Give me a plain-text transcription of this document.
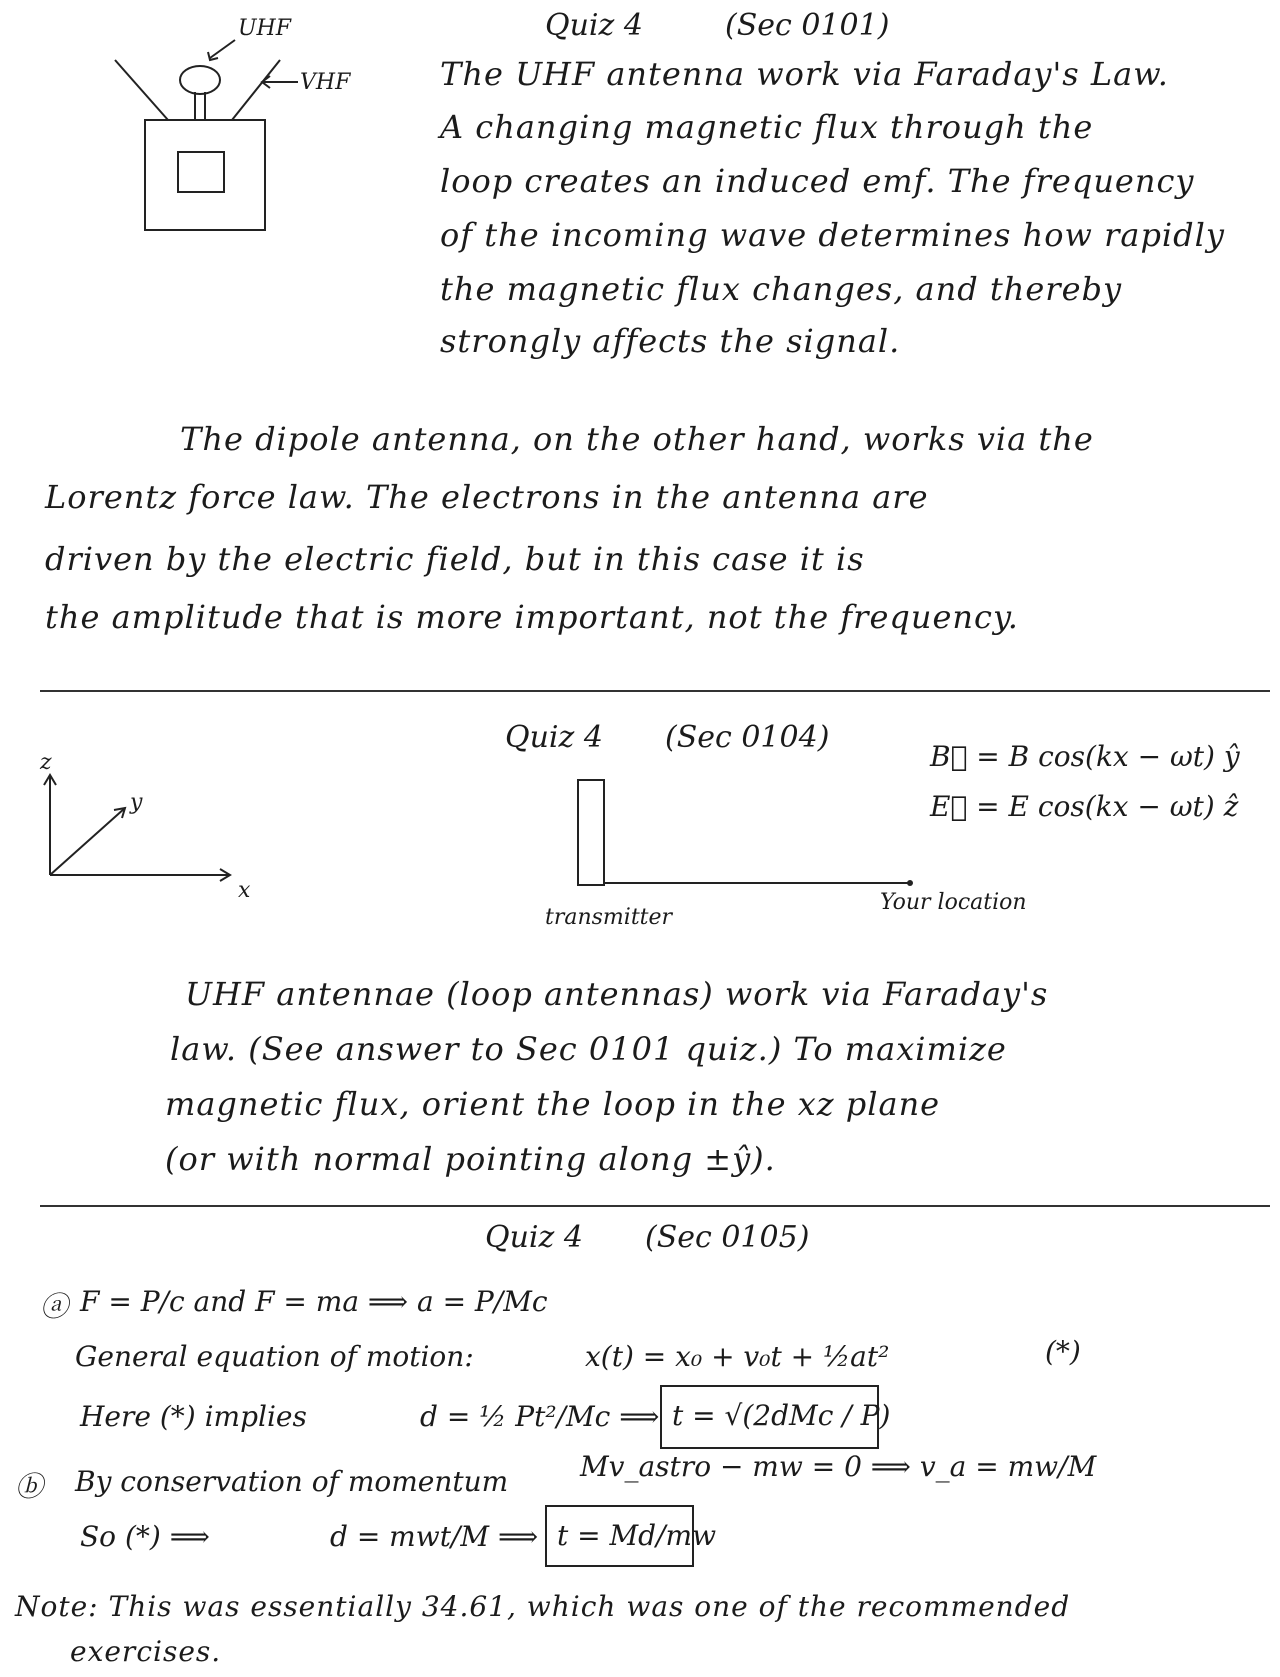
UHF
VHF
Quiz 4	(Sec 0101)
The UHF antenna work via Faraday's Law.
A changing magnetic flux through the
loop creates an induced emf. The frequency
of the incoming wave determines how rapidly
the magnetic flux changes, and thereby
strongly affects the signal.
The dipole antenna, on the other hand, works via the
Lorentz force law. The electrons in the antenna are
driven by the electric field, but in this case it is
the amplitude that is more important, not the frequency.
Quiz 4 (Sec 0104)
B⃗ = B cos(kx − ωt) ŷ
E⃗ = E cos(kx − ωt) ẑ
z
y
x
transmitter
Your location
UHF antennae (loop antennas) work via Faraday's
law. (See answer to Sec 0101 quiz.) To maximize
magnetic flux, orient the loop in the xz plane
(or with normal pointing along ±ŷ).
Quiz 4 (Sec 0105)
ⓐ F = P/c and F = ma ⟹ a = P/Mc
General equation of motion:	x(t) = x₀ + v₀t + ½at²	(*)
Here (*) implies	d = ½ Pt²/Mc ⟹ t = √(2dMc / P)
ⓑ By conservation of momentum	Mv_astro − mw = 0 ⟹ v_a = mw/M
So (*) ⟹	d = mwt/M ⟹ t = Md/mw
Note: This was essentially 34.61, which was one of the recommended
exercises.
